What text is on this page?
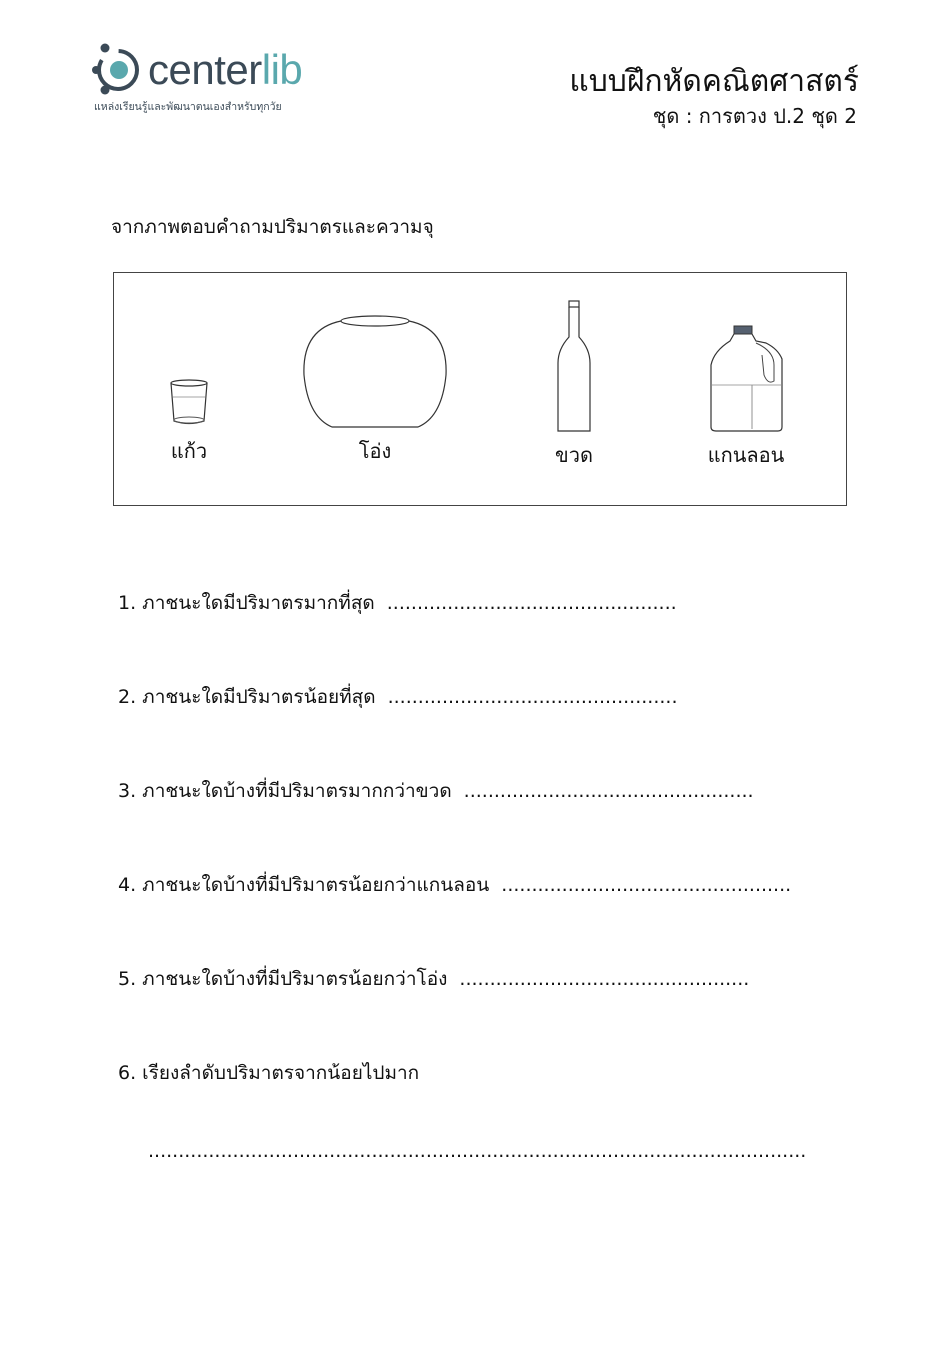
centerlib
แหล่งเรียนรู้และพัฒนาตนเองสำหรับทุกวัย
แบบฝึกหัดคณิตศาสตร์
ชุด : การตวง ป.2 ชุด 2
จากภาพตอบคำถามปริมาตรและความจุ
แก้ว	โอ่ง	ขวด	แกนลอน
1. ภาชนะใดมีปริมาตรมากที่สุด ................................................
2. ภาชนะใดมีปริมาตรน้อยที่สุด ................................................
3. ภาชนะใดบ้างที่มีปริมาตรมากกว่าขวด ................................................
4. ภาชนะใดบ้างที่มีปริมาตรน้อยกว่าแกนลอน ................................................
5. ภาชนะใดบ้างที่มีปริมาตรน้อยกว่าโอ่ง ................................................
6. เรียงลำดับปริมาตรจากน้อยไปมาก
.............................................................................................................
